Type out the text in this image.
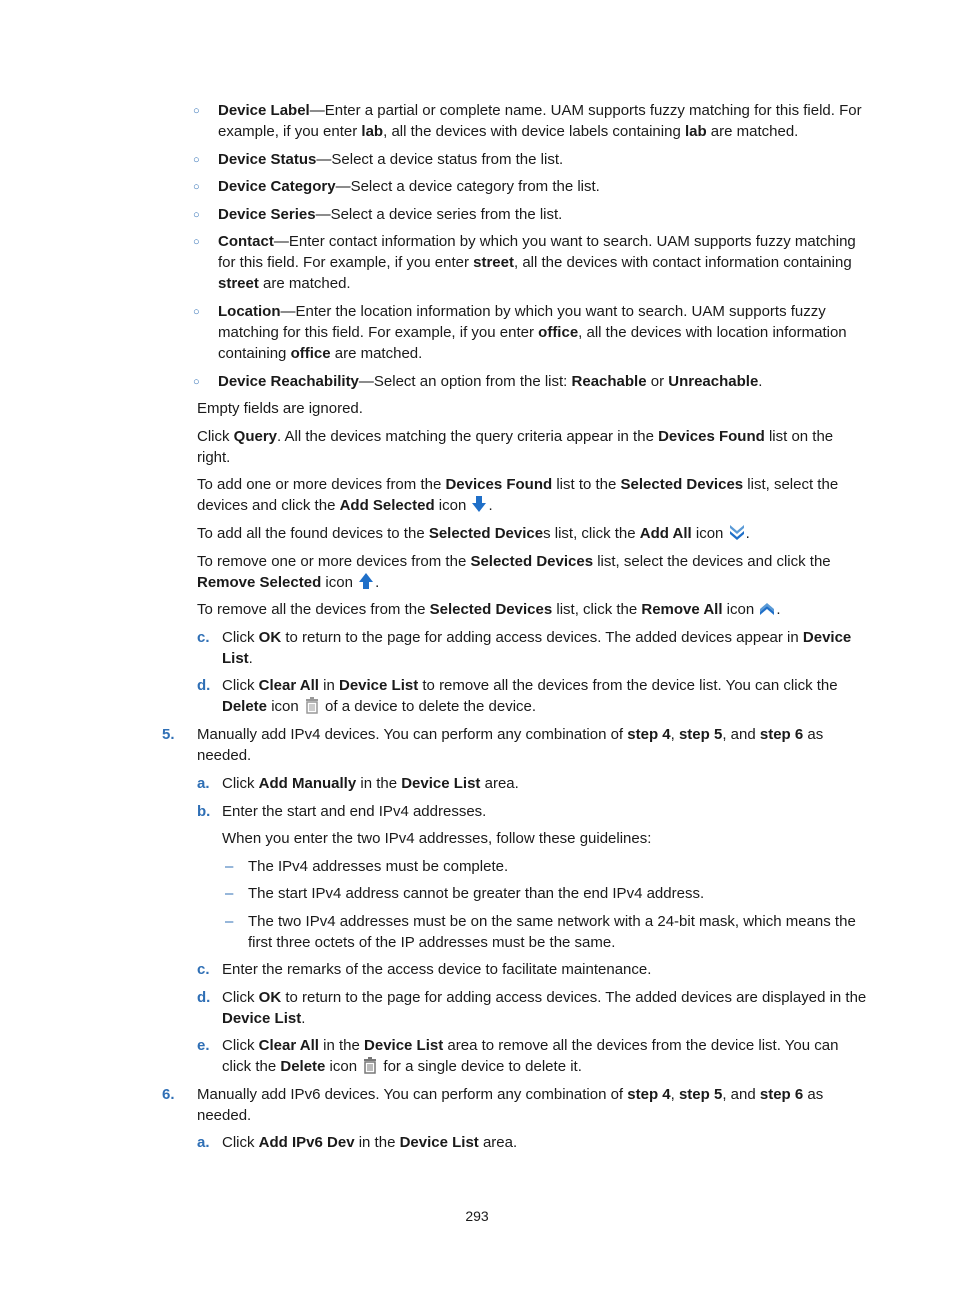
○ Device Label—Enter a partial or complete name. UAM supports fuzzy matching for this field. For example, if you enter lab, all the devices with device labels containing lab are matched.
○ Device Status—Select a device status from the list.
○ Device Category—Select a device category from the list.
○ Device Series—Select a device series from the list.
○ Contact—Enter contact information by which you want to search. UAM supports fuzzy matching for this field. For example, if you enter street, all the devices with contact information containing street are matched.
○ Location—Enter the location information by which you want to search. UAM supports fuzzy matching for this field. For example, if you enter office, all the devices with location information containing office are matched.
○ Device Reachability—Select an option from the list: Reachable or Unreachable.
Empty fields are ignored.
Click Query. All the devices matching the query criteria appear in the Devices Found list on the right.
To add one or more devices from the Devices Found list to the Selected Devices list, select the devices and click the Add Selected icon .
To add all the found devices to the Selected Devices list, click the Add All icon .
To remove one or more devices from the Selected Devices list, select the devices and click the Remove Selected icon .
To remove all the devices from the Selected Devices list, click the Remove All icon .
c. Click OK to return to the page for adding access devices. The added devices appear in Device List.
d. Click Clear All in Device List to remove all the devices from the device list. You can click the Delete icon  of a device to delete the device.
5. Manually add IPv4 devices. You can perform any combination of step 4, step 5, and step 6 as needed.
a. Click Add Manually in the Device List area.
b. Enter the start and end IPv4 addresses.
When you enter the two IPv4 addresses, follow these guidelines:
– The IPv4 addresses must be complete.
– The start IPv4 address cannot be greater than the end IPv4 address.
– The two IPv4 addresses must be on the same network with a 24-bit mask, which means the first three octets of the IP addresses must be the same.
c. Enter the remarks of the access device to facilitate maintenance.
d. Click OK to return to the page for adding access devices. The added devices are displayed in the Device List.
e. Click Clear All in the Device List area to remove all the devices from the device list. You can click the Delete icon  for a single device to delete it.
6. Manually add IPv6 devices. You can perform any combination of step 4, step 5, and step 6 as needed.
a. Click Add IPv6 Dev in the Device List area.
293
